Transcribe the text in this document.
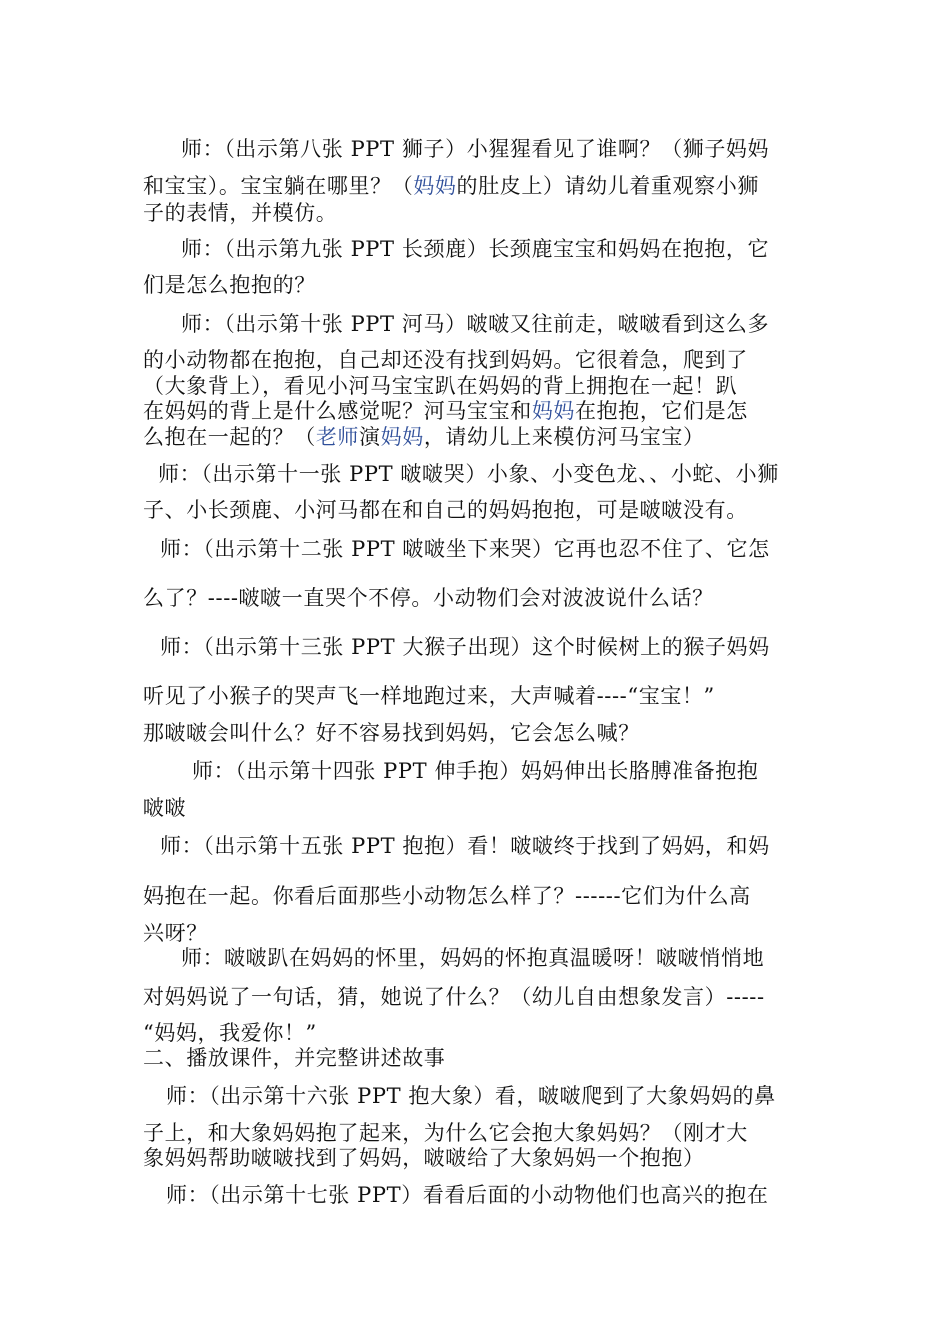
师：（出示第八张 PPT 狮子）小猩猩看见了谁啊？（狮子妈妈
和宝宝）。宝宝躺在哪里？（妈妈的肚皮上）请幼儿着重观察小狮
子的表情，并模仿。
师：（出示第九张 PPT 长颈鹿）长颈鹿宝宝和妈妈在抱抱，它
们是怎么抱抱的？
师：（出示第十张 PPT 河马）啵啵又往前走，啵啵看到这么多
的小动物都在抱抱，自己却还没有找到妈妈。它很着急，爬到了
（大象背上），看见小河马宝宝趴在妈妈的背上拥抱在一起！趴
在妈妈的背上是什么感觉呢？河马宝宝和妈妈在抱抱，它们是怎
么抱在一起的？（老师演妈妈，请幼儿上来模仿河马宝宝）
师：（出示第十一张 PPT 啵啵哭）小象、小变色龙、、小蛇、小狮
子、小长颈鹿、小河马都在和自己的妈妈抱抱，可是啵啵没有。
师：（出示第十二张 PPT 啵啵坐下来哭）它再也忍不住了、它怎
么了？----啵啵一直哭个不停。小动物们会对波波说什么话？
师：（出示第十三张 PPT 大猴子出现）这个时候树上的猴子妈妈
听见了小猴子的哭声飞一样地跑过来，大声喊着----“宝宝！”
那啵啵会叫什么？好不容易找到妈妈，它会怎么喊？
师：（出示第十四张 PPT 伸手抱）妈妈伸出长胳膊准备抱抱
啵啵
师：（出示第十五张 PPT 抱抱）看！啵啵终于找到了妈妈，和妈
妈抱在一起。你看后面那些小动物怎么样了？------它们为什么高
兴呀？
师：啵啵趴在妈妈的怀里，妈妈的怀抱真温暖呀！啵啵悄悄地
对妈妈说了一句话，猜，她说了什么？（幼儿自由想象发言）-----
“妈妈，我爱你！”
二、播放课件，并完整讲述故事
师：（出示第十六张 PPT 抱大象）看，啵啵爬到了大象妈妈的鼻
子上，和大象妈妈抱了起来，为什么它会抱大象妈妈？（刚才大
象妈妈帮助啵啵找到了妈妈，啵啵给了大象妈妈一个抱抱）
师：（出示第十七张 PPT）看看后面的小动物他们也高兴的抱在
